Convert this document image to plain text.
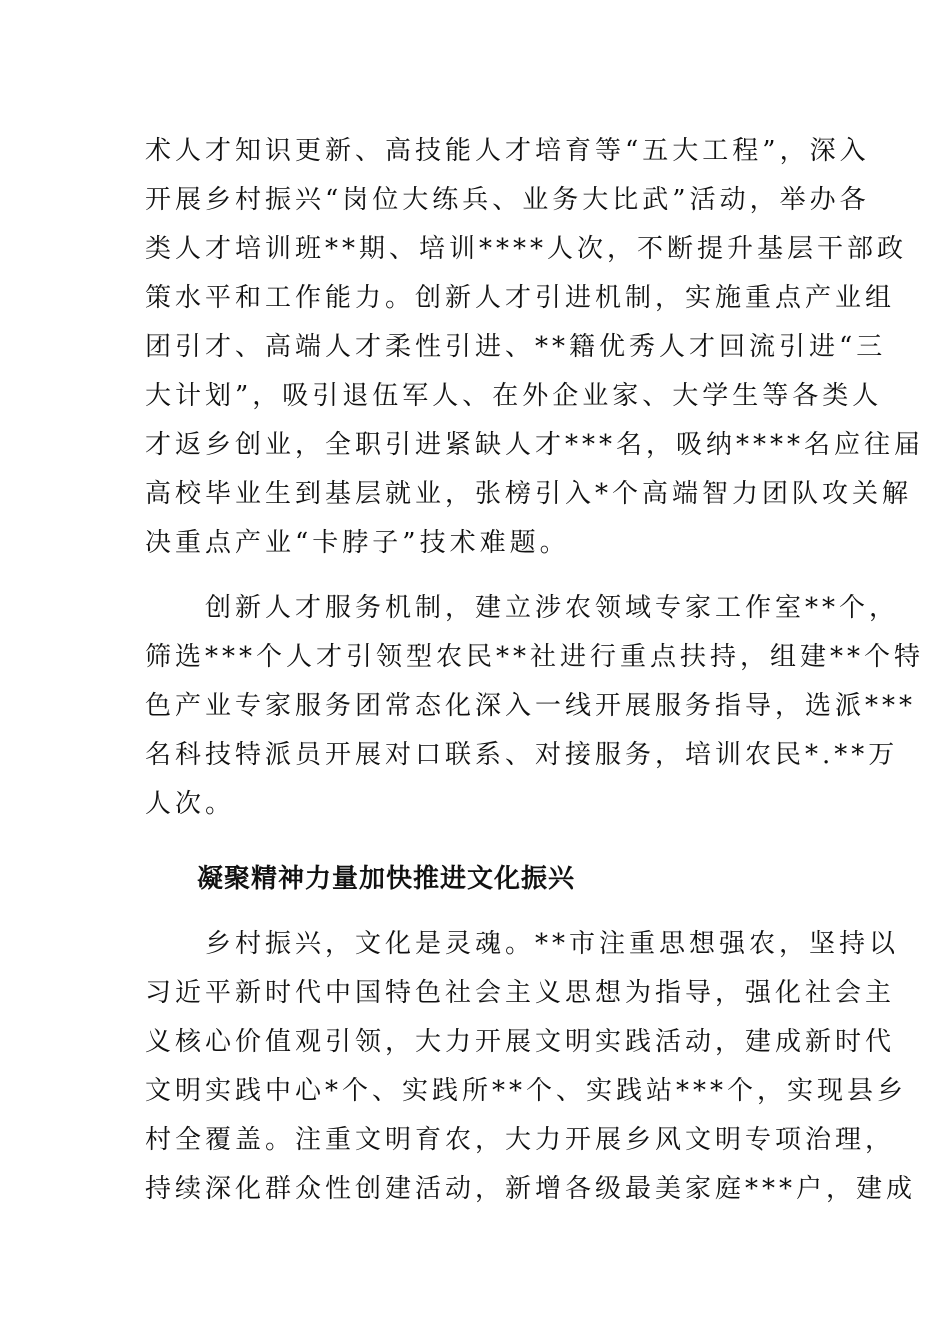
术人才知识更新、高技能人才培育等“五大工程”，深入
开展乡村振兴“岗位大练兵、业务大比武”活动，举办各
类人才培训班**期、培训****人次，不断提升基层干部政
策水平和工作能力。创新人才引进机制，实施重点产业组
团引才、高端人才柔性引进、**籍优秀人才回流引进“三
大计划”，吸引退伍军人、在外企业家、大学生等各类人
才返乡创业，全职引进紧缺人才***名，吸纳****名应往届
高校毕业生到基层就业，张榜引入*个高端智力团队攻关解
决重点产业“卡脖子”技术难题。
　　创新人才服务机制，建立涉农领域专家工作室**个，
筛选***个人才引领型农民**社进行重点扶持，组建**个特
色产业专家服务团常态化深入一线开展服务指导，选派***
名科技特派员开展对口联系、对接服务，培训农民*.**万
人次。
凝聚精神力量加快推进文化振兴
　　乡村振兴，文化是灵魂。**市注重思想强农，坚持以
习近平新时代中国特色社会主义思想为指导，强化社会主
义核心价值观引领，大力开展文明实践活动，建成新时代
文明实践中心*个、实践所**个、实践站***个，实现县乡
村全覆盖。注重文明育农，大力开展乡风文明专项治理，
持续深化群众性创建活动，新增各级最美家庭***户，建成
